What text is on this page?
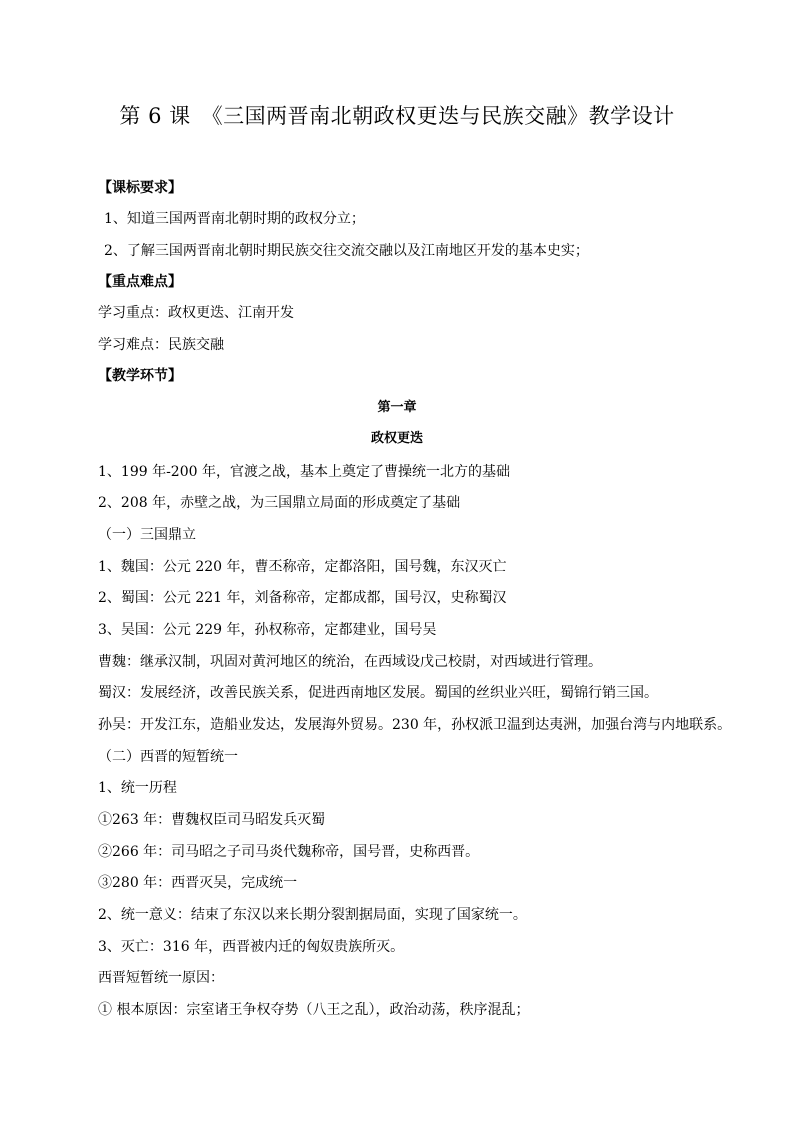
第 6 课　《三国两晋南北朝政权更迭与民族交融》教学设计
【课标要求】
1、知道三国两晋南北朝时期的政权分立；
2、了解三国两晋南北朝时期民族交往交流交融以及江南地区开发的基本史实；
【重点难点】
学习重点：政权更迭、江南开发
学习难点：民族交融
【教学环节】
第一章
政权更迭
1、199 年-200 年，官渡之战，基本上奠定了曹操统一北方的基础
2、208 年，赤壁之战，为三国鼎立局面的形成奠定了基础
（一）三国鼎立
1、魏国：公元 220 年，曹丕称帝，定都洛阳，国号魏，东汉灭亡
2、蜀国：公元 221 年，刘备称帝，定都成都，国号汉，史称蜀汉
3、吴国：公元 229 年，孙权称帝，定都建业，国号吴
曹魏：继承汉制，巩固对黄河地区的统治，在西域设戊己校尉，对西域进行管理。
蜀汉：发展经济，改善民族关系，促进西南地区发展。蜀国的丝织业兴旺，蜀锦行销三国。
孙吴：开发江东，造船业发达，发展海外贸易。230 年，孙权派卫温到达夷洲，加强台湾与内地联系。
（二）西晋的短暂统一
1、统一历程
①263 年：曹魏权臣司马昭发兵灭蜀
②266 年：司马昭之子司马炎代魏称帝，国号晋，史称西晋。
③280 年：西晋灭吴，完成统一
2、统一意义：结束了东汉以来长期分裂割据局面，实现了国家统一。
3、灭亡：316 年，西晋被内迁的匈奴贵族所灭。
西晋短暂统一原因：
① 根本原因：宗室诸王争权夺势（八王之乱），政治动荡，秩序混乱；
